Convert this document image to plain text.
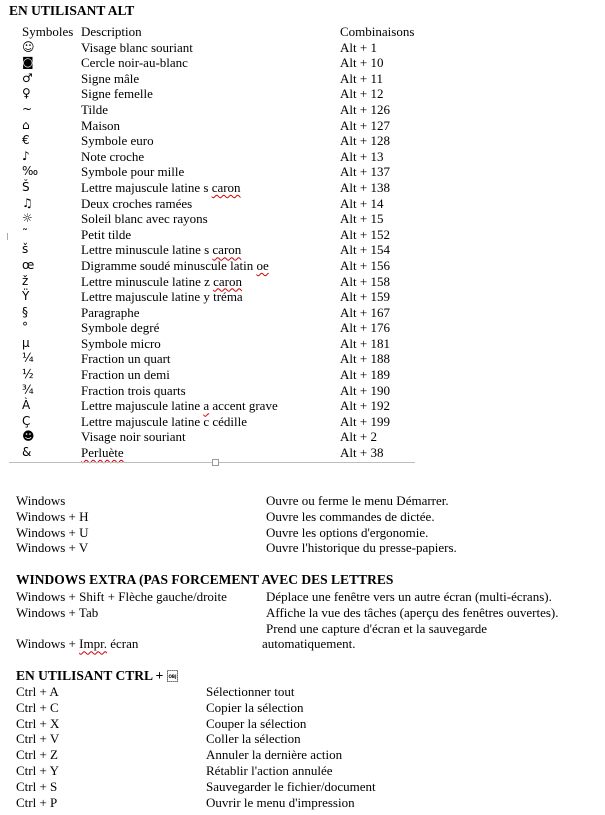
EN UTILISANT ALT
Symboles Description	Combinaisons
☺	Visage blanc souriant	Alt + 1
◙	Cercle noir-au-blanc	Alt + 10
♂	Signe mâle	Alt + 11
♀	Signe femelle	Alt + 12
~	Tilde	Alt + 126
⌂	Maison	Alt + 127
€	Symbole euro	Alt + 128
♪	Note croche	Alt + 13
‰	Symbole pour mille	Alt + 137
Š	Lettre majuscule latine s caron	Alt + 138
♫	Deux croches ramées	Alt + 14
☼	Soleil blanc avec rayons	Alt + 15
˜	Petit tilde	Alt + 152
š	Lettre minuscule latine s caron	Alt + 154
œ	Digramme soudé minuscule latin oe	Alt + 156
ž	Lettre minuscule latine z caron	Alt + 158
Ÿ	Lettre majuscule latine y tréma	Alt + 159
§	Paragraphe	Alt + 167
°	Symbole degré	Alt + 176
µ	Symbole micro	Alt + 181
¼	Fraction un quart	Alt + 188
½	Fraction un demi	Alt + 189
¾	Fraction trois quarts	Alt + 190
À	Lettre majuscule latine a accent grave	Alt + 192
Ç	Lettre majuscule latine c cédille	Alt + 199
☻	Visage noir souriant	Alt + 2
&	Perluète	Alt + 38
Windows	Ouvre ou ferme le menu Démarrer.
Windows + H	Ouvre les commandes de dictée.
Windows + U	Ouvre les options d'ergonomie.
Windows + V	Ouvre l'historique du presse-papiers.
WINDOWS EXTRA (PAS FORCEMENT AVEC DES LETTRES
Windows + Shift + Flèche gauche/droite	Déplace une fenêtre vers un autre écran (multi-écrans).
Windows + Tab	Affiche la vue des tâches (aperçu des fenêtres ouvertes).
Prend une capture d'écran et la sauvegarde
Windows + Impr. écran	automatiquement.
EN UTILISANT CTRL + OBJ
Ctrl + A	Sélectionner tout
Ctrl + C	Copier la sélection
Ctrl + X	Couper la sélection
Ctrl + V	Coller la sélection
Ctrl + Z	Annuler la dernière action
Ctrl + Y	Rétablir l'action annulée
Ctrl + S	Sauvegarder le fichier/document
Ctrl + P	Ouvrir le menu d'impression
